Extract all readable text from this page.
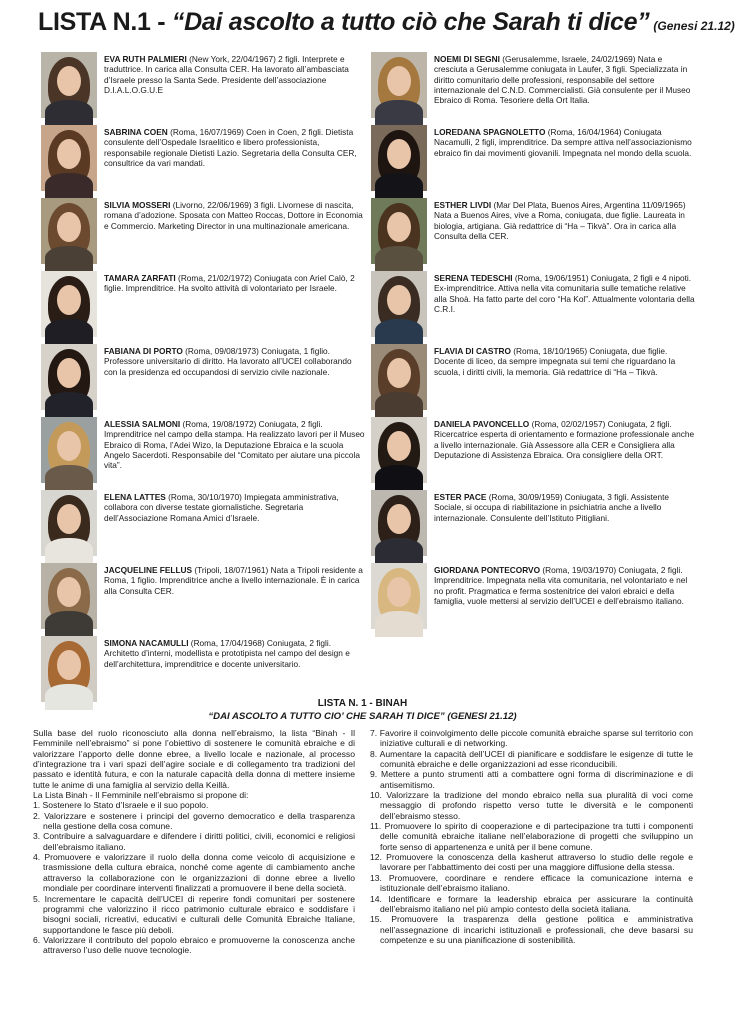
LISTA N.1 - “Dai ascolto a tutto ciò che Sarah ti dice” (Genesi 21.12)
EVA RUTH PALMIERI (New York, 22/04/1967) 2 figli. Interprete e traduttrice. In carica alla Consulta CER. Ha lavorato all’ambasciata d’Israele presso la Santa Sede. Presidente dell’associazione D.I.A.L.O.G.U.E
SABRINA COEN (Roma, 16/07/1969) Coen in Coen, 2 figli. Dietista consulente dell’Ospedale Israelitico e libero professionista, responsabile regionale Dietisti Lazio. Segretaria della Consulta CER, consultrice da vari mandati.
SILVIA MOSSERI (Livorno, 22/06/1969) 3 figli. Livornese di nascita, romana d’adozione. Sposata con Matteo Roccas, Dottore in Economia e Commercio. Marketing Director in una multinazionale americana.
TAMARA ZARFATI (Roma, 21/02/1972) Coniugata con Ariel Calò, 2 figlie. Imprenditrice. Ha svolto attività di volontariato per Israele.
FABIANA DI PORTO (Roma, 09/08/1973) Coniugata, 1 figlio. Professore universitario di diritto. Ha lavorato all’UCEI collaborando con la presidenza ed occupandosi di servizio civile nazionale.
ALESSIA SALMONI (Roma, 19/08/1972) Coniugata, 2 figli. Imprenditrice nel campo della stampa. Ha realizzato lavori per il Museo Ebraico di Roma, l’Adei Wizo, la Deputazione Ebraica e la scuola Angelo Sacerdoti. Responsabile del “Comitato per aiutare una piccola vita”.
ELENA LATTES (Roma, 30/10/1970) Impiegata amministrativa, collabora con diverse testate giornalistiche. Segretaria dell’Associazione Romana Amici d’Israele.
JACQUELINE FELLUS (Tripoli, 18/07/1961) Nata a Tripoli residente a Roma, 1 figlio. Imprenditrice anche a livello internazionale. È in carica alla Consulta CER.
SIMONA NACAMULLI (Roma, 17/04/1968) Coniugata, 2 figli. Architetto d’interni, modellista e prototipista nel campo del design e dell’architettura, imprenditrice e docente universitario.
NOEMI DI SEGNI (Gerusalemme, Israele, 24/02/1969) Nata e cresciuta a Gerusalemme coniugata in Laufer, 3 figli. Specializzata in diritto comunitario delle professioni, responsabile del settore internazionale del C.N.D. Commercialisti. Già consulente per il Museo Ebraico di Roma. Tesoriere della Ort Italia.
LOREDANA SPAGNOLETTO (Roma, 16/04/1964) Coniugata Nacamulli, 2 figli, imprenditrice. Da sempre attiva nell’associazionismo ebraico fin dai movimenti giovanili. Impegnata nel mondo della scuola.
ESTHER LIVDI (Mar Del Plata, Buenos Aires, Argentina 11/09/1965) Nata a Buenos Aires, vive a Roma, coniugata, due figlie. Laureata in biologia, artigiana. Già redattrice di “Ha – Tikvà”. Ora in carica alla Consulta della CER.
SERENA TEDESCHI (Roma, 19/06/1951) Coniugata, 2 figli e 4 nipoti. Ex-imprenditrice. Attiva nella vita comunitaria sulle tematiche relative alla Shoà. Ha fatto parte del coro “Ha Kol”. Attualmente volontaria della C.R.I.
FLAVIA DI CASTRO (Roma, 18/10/1965) Coniugata, due figlie. Docente di liceo, da sempre impegnata sui temi che riguardano la scuola, i diritti civili, la memoria. Già redattrice di “Ha – Tikvà.
DANIELA PAVONCELLO (Roma, 02/02/1957) Coniugata, 2 figli. Ricercatrice esperta di orientamento e formazione professionale anche a livello internazionale. Già Assessore alla CER e Consigliera alla Deputazione di Assistenza Ebraica. Ora consigliere della ORT.
ESTER PACE (Roma, 30/09/1959) Coniugata, 3 figli. Assistente Sociale, si occupa di riabilitazione in psichiatria anche a livello internazionale. Consulente dell’Istituto Pitigliani.
GIORDANA PONTECORVO (Roma, 19/03/1970) Coniugata, 2 figli. Imprenditrice. Impegnata nella vita comunitaria, nel volontariato e nel no profit. Pragmatica e ferma sostenitrice dei valori ebraici e della famiglia, vuole mettersi al servizio dell’UCEI e dell’ebraismo italiano.
LISTA N. 1 - BINAH
“DAI ASCOLTO A TUTTO CIO’ CHE SARAH TI DICE” (GENESI 21.12)

Sulla base del ruolo riconosciuto alla donna nell’ebraismo, la lista “Binah - Il Femminile nell’ebraismo” si pone l’obiettivo di sostenere le comunità ebraiche e di valorizzare l’apporto delle donne ebree, a livello locale e nazionale, al processo d’integrazione tra i vari spazi dell’agire sociale e di collegamento tra tradizioni del passato e identità futura, e con la naturale capacità della donna di mettere insieme tutte le anime di una famiglia al servizio della Keillà.

La Lista Binah - Il Femminile nell’ebraismo si propone di:

1. Sostenere lo Stato d’Israele e il suo popolo.

2. Valorizzare e sostenere i principi del governo democratico e della trasparenza nella gestione della cosa comune.

3. Contribuire a salvaguardare e difendere i diritti politici, civili, economici e religiosi dell’ebraismo italiano.

4. Promuovere e valorizzare il ruolo della donna come veicolo di acquisizione e trasmissione della cultura ebraica, nonché come agente di cambiamento anche attraverso la collaborazione con le organizzazioni di donne ebree a livello mondiale per coordinare interventi finalizzati a promuovere il bene della società.

5. Incrementare le capacità dell’UCEI di reperire fondi comunitari per sostenere programmi che valorizzino il ricco patrimonio culturale ebraico e soddisfare i bisogni sociali, ricreativi, educativi e culturali delle Comunità Ebraiche Italiane, supportandone le fasce più deboli.

6. Valorizzare il contributo del popolo ebraico e promuoverne la conoscenza anche attraverso l’uso delle nuove tecnologie.

7. Favorire il coinvolgimento delle piccole comunità ebraiche sparse sul territorio con iniziative culturali e di networking.

8. Aumentare la capacità dell’UCEI di pianificare e soddisfare le esigenze di tutte le comunità ebraiche e delle organizzazioni ad esse riconducibili.

9. Mettere a punto strumenti atti a combattere ogni forma di discriminazione e di antisemitismo.

10. Valorizzare la tradizione del mondo ebraico nella sua pluralità di voci come messaggio di profondo rispetto verso tutte le diversità e le componenti dell’ebraismo stesso.

11. Promuovere lo spirito di cooperazione e di partecipazione tra tutti i componenti delle comunità ebraiche italiane nell’elaborazione di progetti che sviluppino un forte senso di appartenenza e unità per il bene comune.

12. Promuovere la conoscenza della kasherut attraverso lo studio delle regole e lavorare per l’abbattimento dei costi per una maggiore diffusione della stessa.

13. Promuovere, coordinare e rendere efficace la comunicazione interna e istituzionale dell’ebraismo italiano.

14. Identificare e formare la leadership ebraica per assicurare la continuità dell’ebraismo italiano nel più ampio contesto della società italiana.

15. Promuovere la trasparenza della gestione politica e amministrativa nell’assegnazione di incarichi istituzionali e professionali, che deve basarsi su competenze e su una pianificazione di sostenibilità.
